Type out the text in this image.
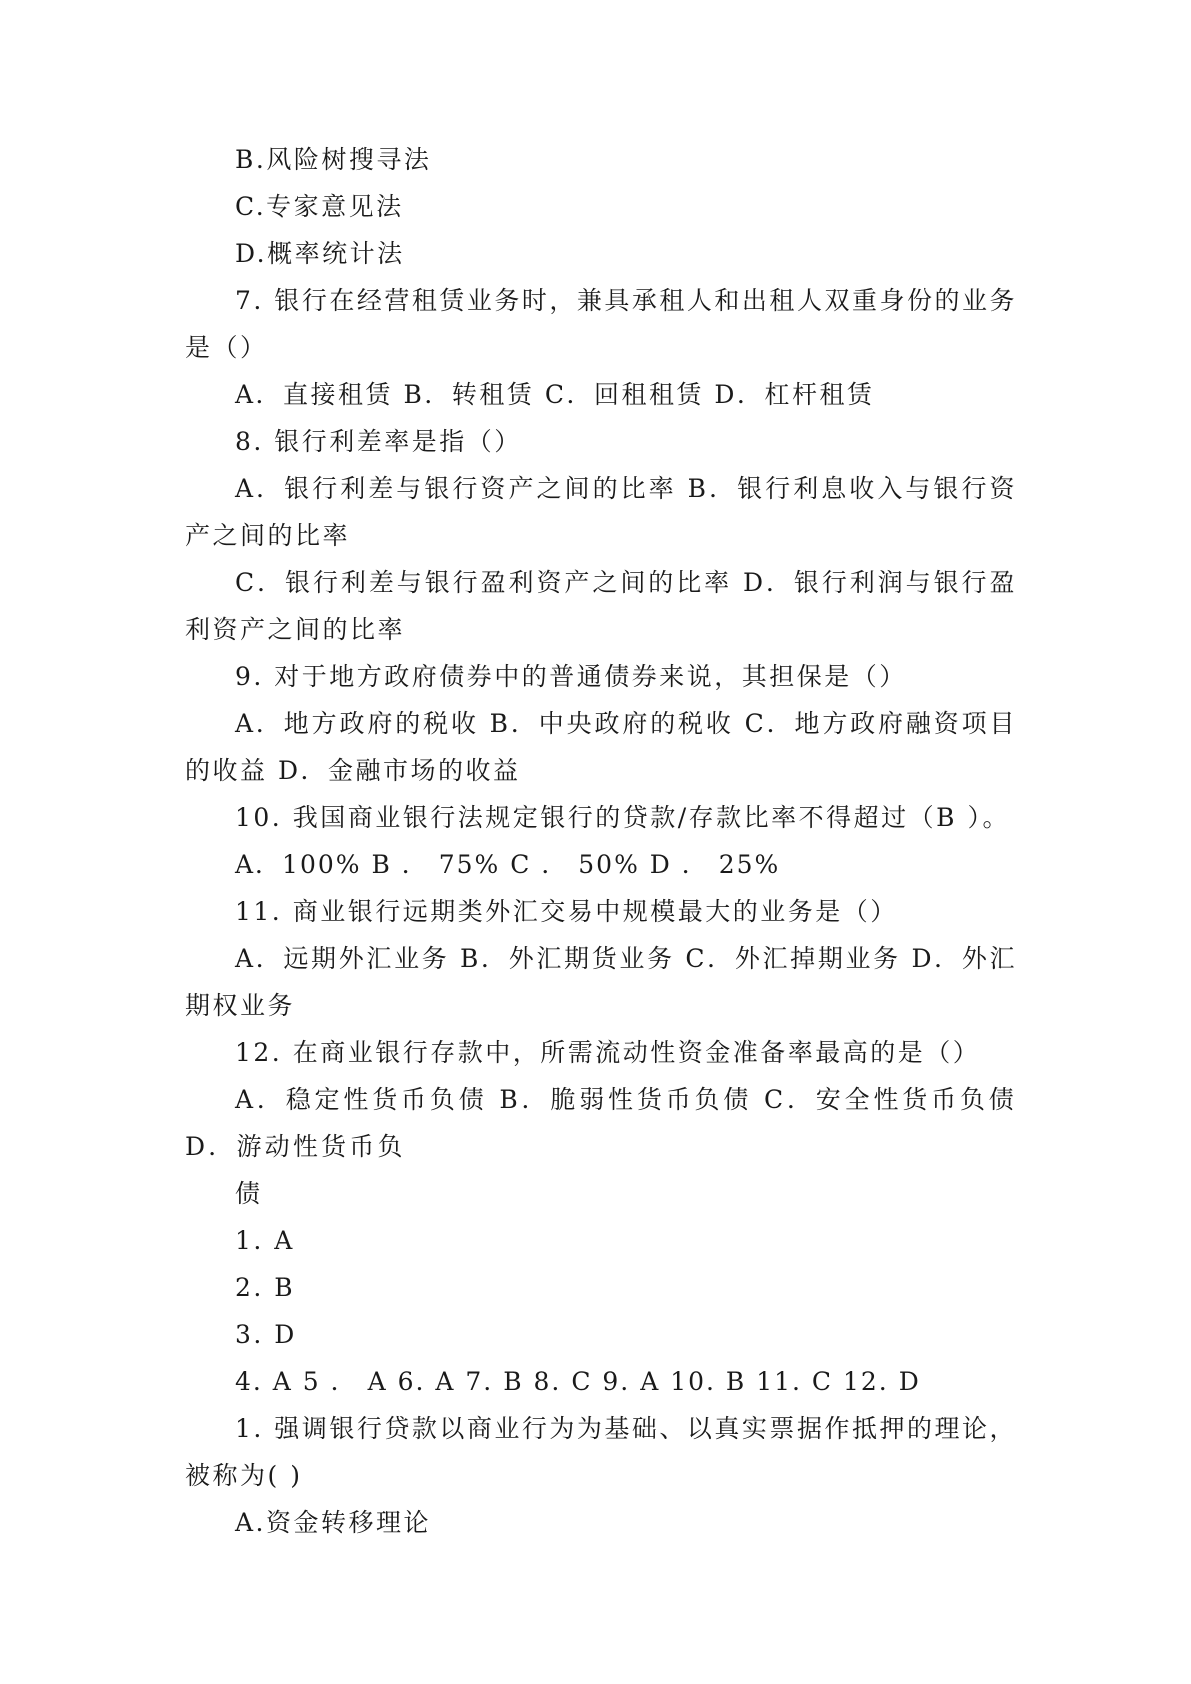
B.风险树搜寻法

C.专家意见法

D.概率统计法

7. 银行在经营租赁业务时，兼具承租人和出租人双重身份的业务是（）

A．直接租赁 B．转租赁 C．回租租赁 D．杠杆租赁

8. 银行利差率是指（）

A．银行利差与银行资产之间的比率 B．银行利息收入与银行资产之间的比率

C．银行利差与银行盈利资产之间的比率 D．银行利润与银行盈利资产之间的比率

9. 对于地方政府债券中的普通债券来说，其担保是（）

A．地方政府的税收 B．中央政府的税收 C．地方政府融资项目的收益 D．金融市场的收益

10. 我国商业银行法规定银行的贷款/存款比率不得超过（B ）。

A．100% B ． 75% C ． 50% D ． 25%

11. 商业银行远期类外汇交易中规模最大的业务是（）

A．远期外汇业务 B．外汇期货业务 C．外汇掉期业务 D．外汇期权业务

12. 在商业银行存款中，所需流动性资金准备率最高的是（）

A．稳定性货币负债 B．脆弱性货币负债 C．安全性货币负债 D．游动性货币负

债

1. A

2. B

3. D

4. A 5 ． A 6. A 7. B 8. C 9. A 10. B 11. C 12. D

1. 强调银行贷款以商业行为为基础、以真实票据作抵押的理论，被称为( )

A.资金转移理论
